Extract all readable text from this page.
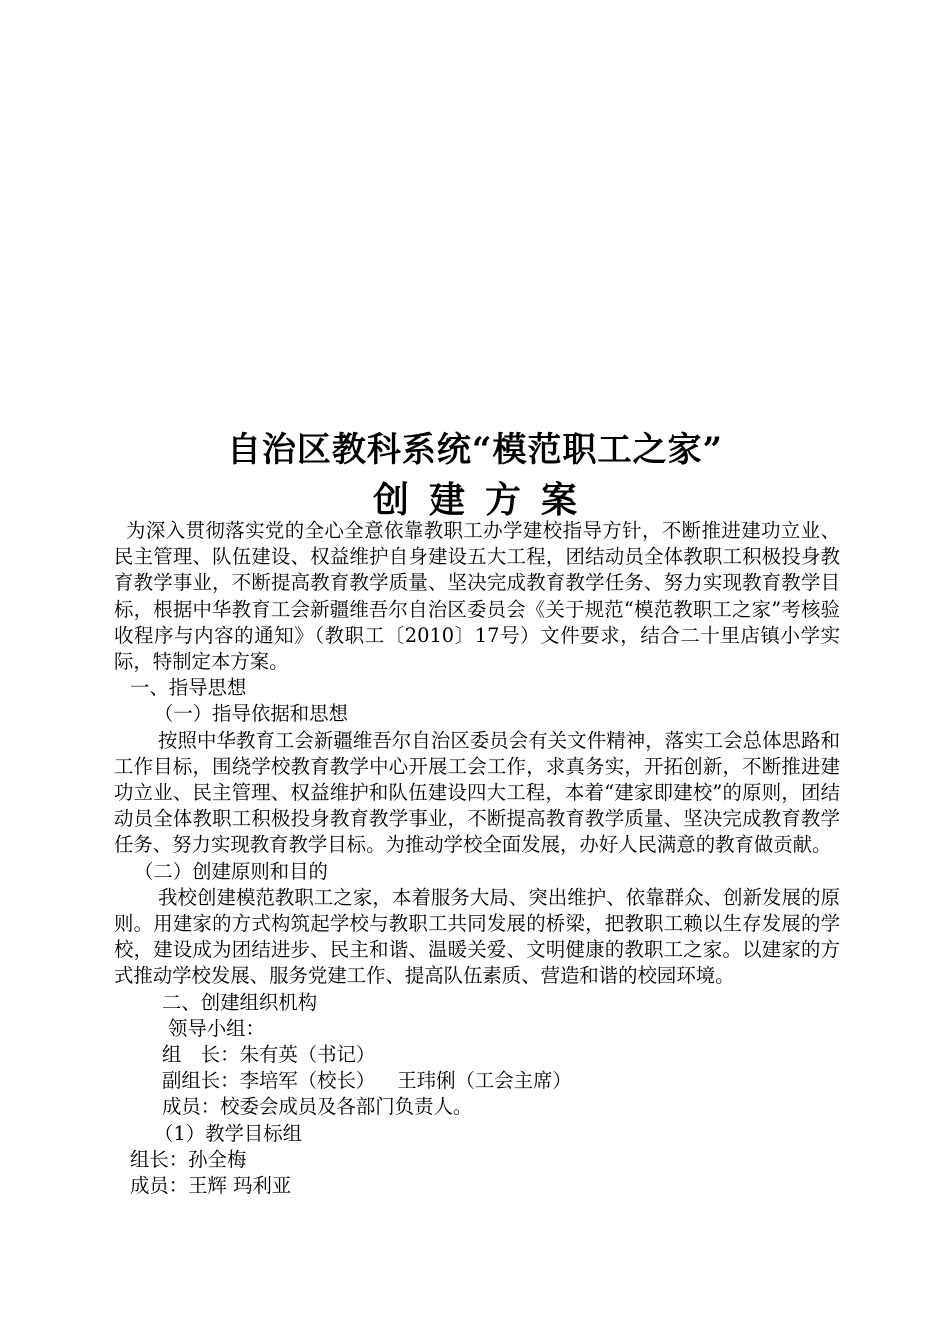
自治区教科系统“模范职工之家”
创建方案

为深入贯彻落实党的全心全意依靠教职工办学建校指导方针，不断推进建功立业、民主管理、队伍建设、权益维护自身建设五大工程，团结动员全体教职工积极投身教育教学事业，不断提高教育教学质量、坚决完成教育教学任务、努力实现教育教学目标，根据中华教育工会新疆维吾尔自治区委员会《关于规范“模范教职工之家”考核验收程序与内容的通知》（教职工〔2010〕17号）文件要求，结合二十里店镇小学实际，特制定本方案。

一、指导思想

（一）指导依据和思想

按照中华教育工会新疆维吾尔自治区委员会有关文件精神，落实工会总体思路和工作目标，围绕学校教育教学中心开展工会工作，求真务实，开拓创新，不断推进建功立业、民主管理、权益维护和队伍建设四大工程，本着“建家即建校”的原则，团结动员全体教职工积极投身教育教学事业，不断提高教育教学质量、坚决完成教育教学任务、努力实现教育教学目标。为推动学校全面发展，办好人民满意的教育做贡献。

（二）创建原则和目的

我校创建模范教职工之家，本着服务大局、突出维护、依靠群众、创新发展的原则。用建家的方式构筑起学校与教职工共同发展的桥梁，把教职工赖以生存发展的学校，建设成为团结进步、民主和谐、温暖关爱、文明健康的教职工之家。以建家的方式推动学校发展、服务党建工作、提高队伍素质、营造和谐的校园环境。

二、创建组织机构

领导小组：

组　长：朱有英（书记）

副组长：李培军（校长） 王玮俐（工会主席）

成员：校委会成员及各部门负责人。

（1）教学目标组

组长：孙全梅

成员：王辉 玛利亚
